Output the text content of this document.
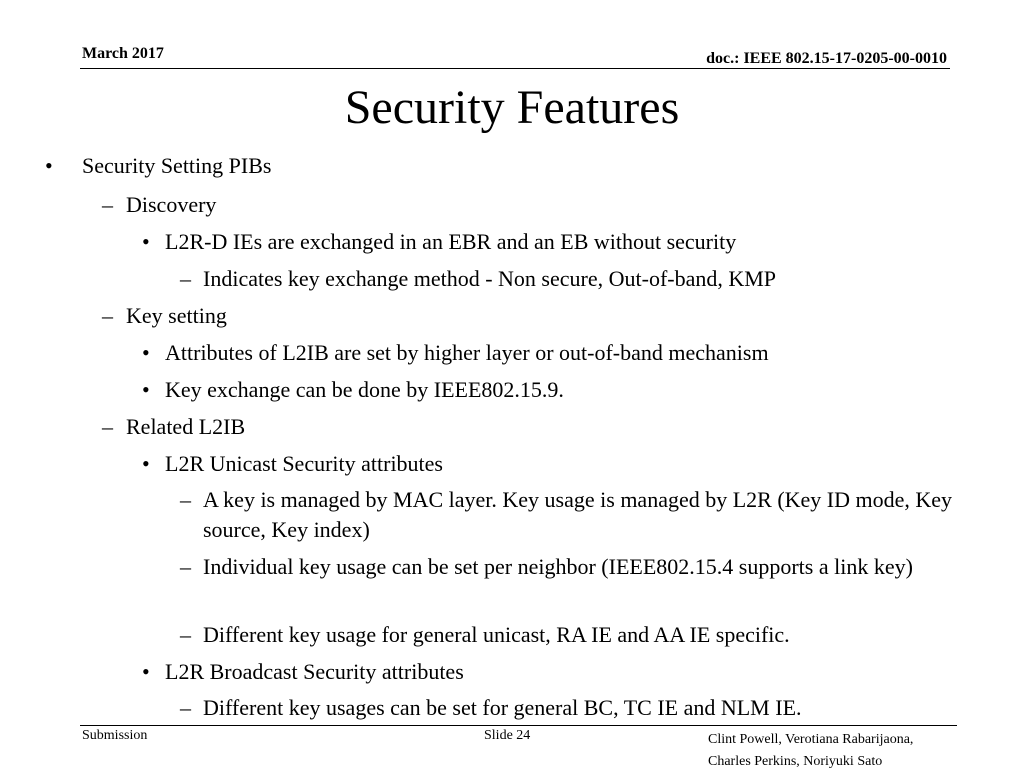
March 2017	doc.: IEEE 802.15-17-0205-00-0010
Security Features
• Security Setting PIBs
– Discovery
• L2R-D IEs are exchanged in an EBR and an EB without security
– Indicates key exchange method - Non secure, Out-of-band, KMP
– Key setting
• Attributes of L2IB are set by higher layer or out-of-band mechanism
• Key exchange can be done by IEEE802.15.9.
– Related L2IB
• L2R Unicast Security attributes
– A key is managed by MAC layer. Key usage is managed by L2R (Key ID mode, Key source, Key index)
– Individual key usage can be set per neighbor (IEEE802.15.4 supports a link key)
– Different key usage for general unicast, RA IE and AA IE specific.
• L2R Broadcast Security attributes
– Different key usages can be set for general BC, TC IE and NLM IE.
Submission	Slide 24	Clint Powell, Verotiana Rabarijaona,
Charles Perkins, Noriyuki Sato
